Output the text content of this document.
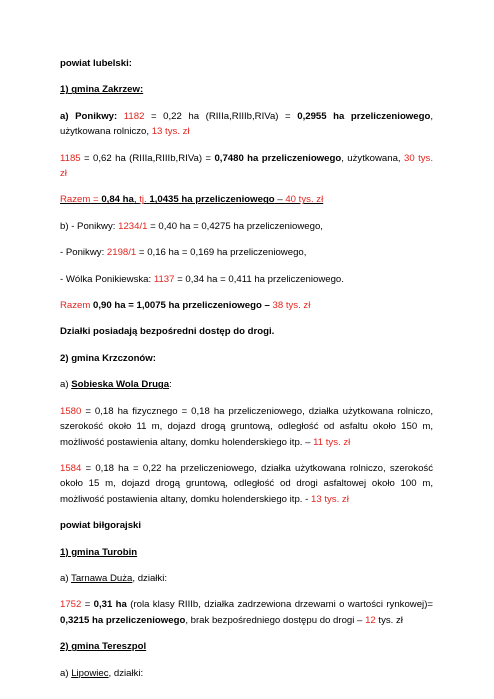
powiat lubelski:

1) gmina Zakrzew:

a) Ponikwy: 1182 = 0,22 ha (RIIIa,RIIIb,RIVa) = 0,2955 ha przeliczeniowego, użytkowana rolniczo, 13 tys. zł

1185 = 0,62 ha (RIIIa,RIIIb,RIVa) = 0,7480 ha przeliczeniowego, użytkowana, 30 tys. zł

Razem = 0,84 ha, tj. 1,0435 ha przeliczeniowego – 40 tys. zł

b) - Ponikwy: 1234/1 = 0,40 ha = 0,4275 ha przeliczeniowego,

- Ponikwy: 2198/1 = 0,16 ha = 0,169 ha przeliczeniowego,

- Wólka Ponikiewska: 1137 = 0,34 ha = 0,411 ha przeliczeniowego.

Razem 0,90 ha = 1,0075 ha przeliczeniowego – 38 tys. zł

Działki posiadają bezpośredni dostęp do drogi.

2) gmina Krzczonów:

a) Sobieska Wola Druga:

1580 = 0,18 ha fizycznego = 0,18 ha przeliczeniowego, działka użytkowana rolniczo, szerokość około 11 m, dojazd drogą gruntową, odległość od asfaltu około 150 m, możliwość postawienia altany, domku holenderskiego itp. – 11 tys. zł

1584 = 0,18 ha = 0,22 ha przeliczeniowego, działka użytkowana rolniczo, szerokość około 15 m, dojazd drogą gruntową, odległość od drogi asfaltowej około 100 m, możliwość postawienia altany, domku holenderskiego itp. - 13 tys. zł

powiat biłgorajski

1) gmina Turobin

a) Tarnawa Duża, działki:

1752 = 0,31 ha (rola klasy RIIIb, działka zadrzewiona drzewami o wartości rynkowej)= 0,3215 ha przeliczeniowego, brak bezpośredniego dostępu do drogi – 12 tys. zł

2) gmina Tereszpol

a) Lipowiec, działki:
